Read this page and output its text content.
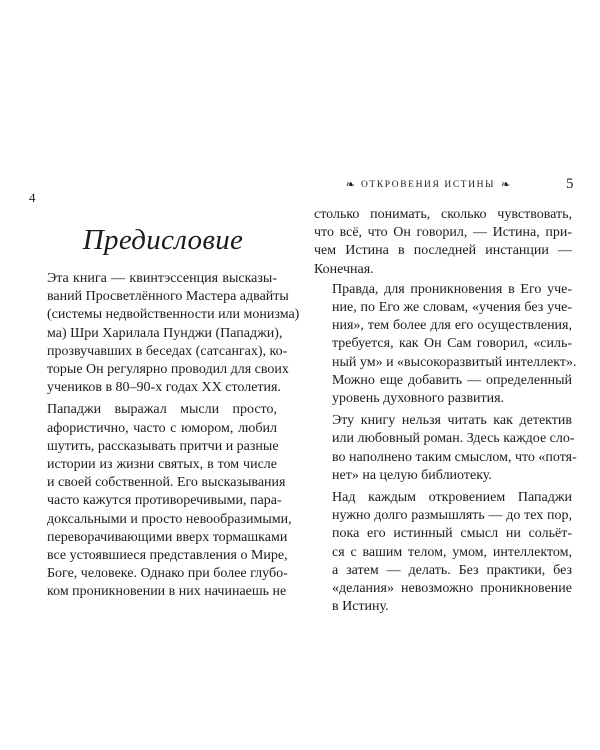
4
Предисловие

Эта книга — квинтэссенция высказы-
ваний Просветлённого Мастера адвайты
(системы недвойственности или монизма)
ма) Шри Харилала Пунджи (Пападжи),
прозвучавших в беседах (сатсангах), ко-
торые Он регулярно проводил для своих
учеников в 80–90-х годах XX столетия.

Пападжи выражал мысли просто,
афористично, часто с юмором, любил
шутить, рассказывать притчи и разные
истории из жизни святых, в том числе
и своей собственной. Его высказывания
часто кажутся противоречивыми, пара-
доксальными и просто невообразимыми,
переворачивающими вверх тормашками
все устоявшиеся представления о Мире,
Боге, человеке. Однако при более глубо-
ком проникновении в них начинаешь не

❧ ОТКРОВЕНИЯ ИСТИНЫ ❧	5

столько понимать, сколько чувствовать,
что всё, что Он говорил, — Истина, при-
чем Истина в последней инстанции —
Конечная.

Правда, для проникновения в Его уче-
ние, по Его же словам, «учения без уче-
ния», тем более для его осуществления,
требуется, как Он Сам говорил, «силь-
ный ум» и «высокоразвитый интеллект».
Можно еще добавить — определенный
уровень духовного развития.

Эту книгу нельзя читать как детектив
или любовный роман. Здесь каждое сло-
во наполнено таким смыслом, что «потя-
нет» на целую библиотеку.

Над каждым откровением Пападжи
нужно долго размышлять — до тех пор,
пока его истинный смысл ни сольёт-
ся с вашим телом, умом, интеллектом,
а затем — делать. Без практики, без
«делания» невозможно проникновение
в Истину.
